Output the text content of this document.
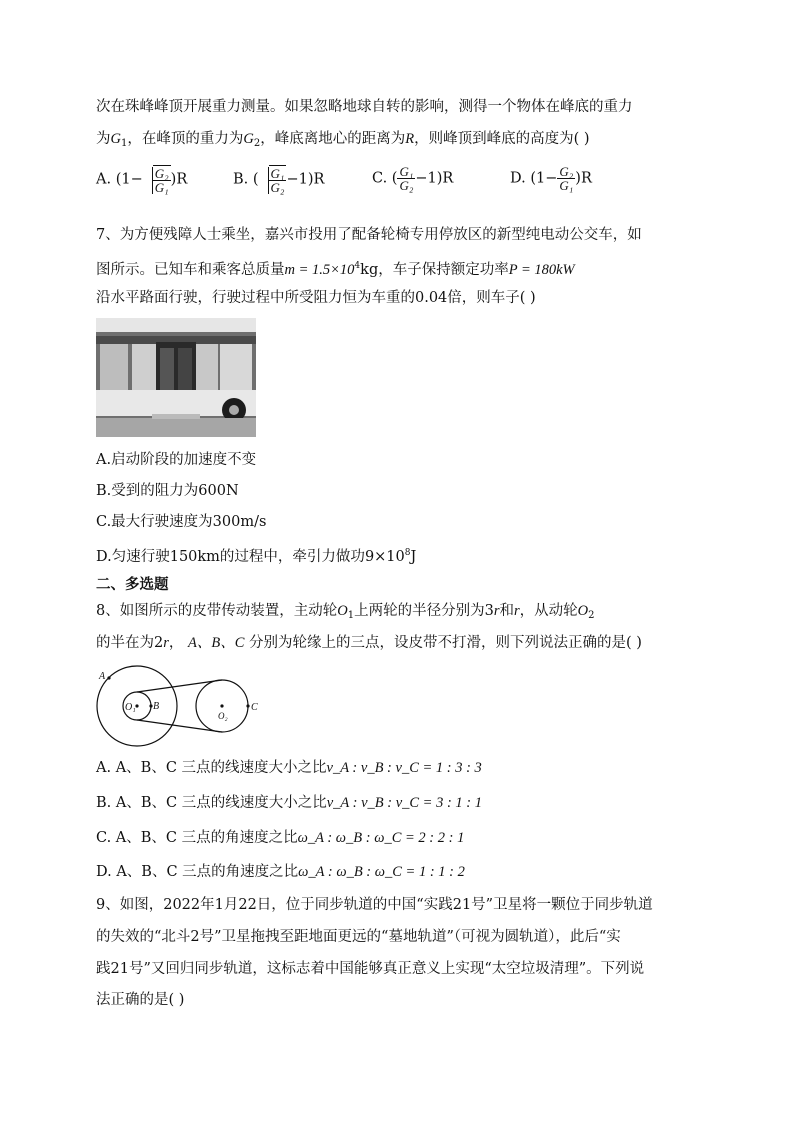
次在珠峰峰顶开展重力测量。如果忽略地球自转的影响，测得一个物体在峰底的重力
为$G_1$，在峰顶的重力为$G_2$，峰底离地心的距离为R，则峰顶到峰底的高度为( )
A. $(1- \frac{\text{G₂}}{\text{G₁}} )R$	B. ( $\frac{\text{G₁}}{\text{G₂}} -1)R$	C. ( $\frac{\text{G₁}}{\text{G₂}} -1)R$	D. $(1- \frac{\text{G₂}}{\text{G₁}} )R$
7、为方便残障人士乘坐，嘉兴市投用了配备轮椅专用停放区的新型纯电动公交车，如
图所示。已知车和乘客总质量$m = 1.5\times 10^4kg$，车子保持额定功率P = 180kW
沿水平路面行驶，行驶过程中所受阻力恒为车重的0.04倍，则车子( )
A.启动阶段的加速度不变
B.受到的阻力为600N
C.最大行驶速度为300m/s
D.匀速行驶150km的过程中，牵引力做功$9\times 10^8J$
二、多选题
8、如图所示的皮带传动装置，主动轮$O_1$上两轮的半径分别为3r和r，从动轮$O_2$
的半在为2r， A、B、C 分别为轮缘上的三点，设皮带不打滑，则下列说法正确的是( )
A
B	C
O₁
O₂
A. A、B、C 三点的线速度大小之比v_A : v_B : v_C = 1 : 3 : 3
B. A、B、C 三点的线速度大小之比v_A : v_B : v_C = 3 : 1 : 1
C. A、B、C 三点的角速度之比ω_A : ω_B : ω_C = 2 : 2 : 1
D. A、B、C 三点的角速度之比ω_A : ω_B : ω_C = 1 : 1 : 2
9、如图，2022年1月22日，位于同步轨道的中国“实践21号”卫星将一颗位于同步轨道
的失效的“北斗2号”卫星拖拽至距地面更远的“墓地轨道”（可视为圆轨道），此后“实
践21号”又回归同步轨道，这标志着中国能够真正意义上实现“太空垃圾清理”。下列说
法正确的是( )
